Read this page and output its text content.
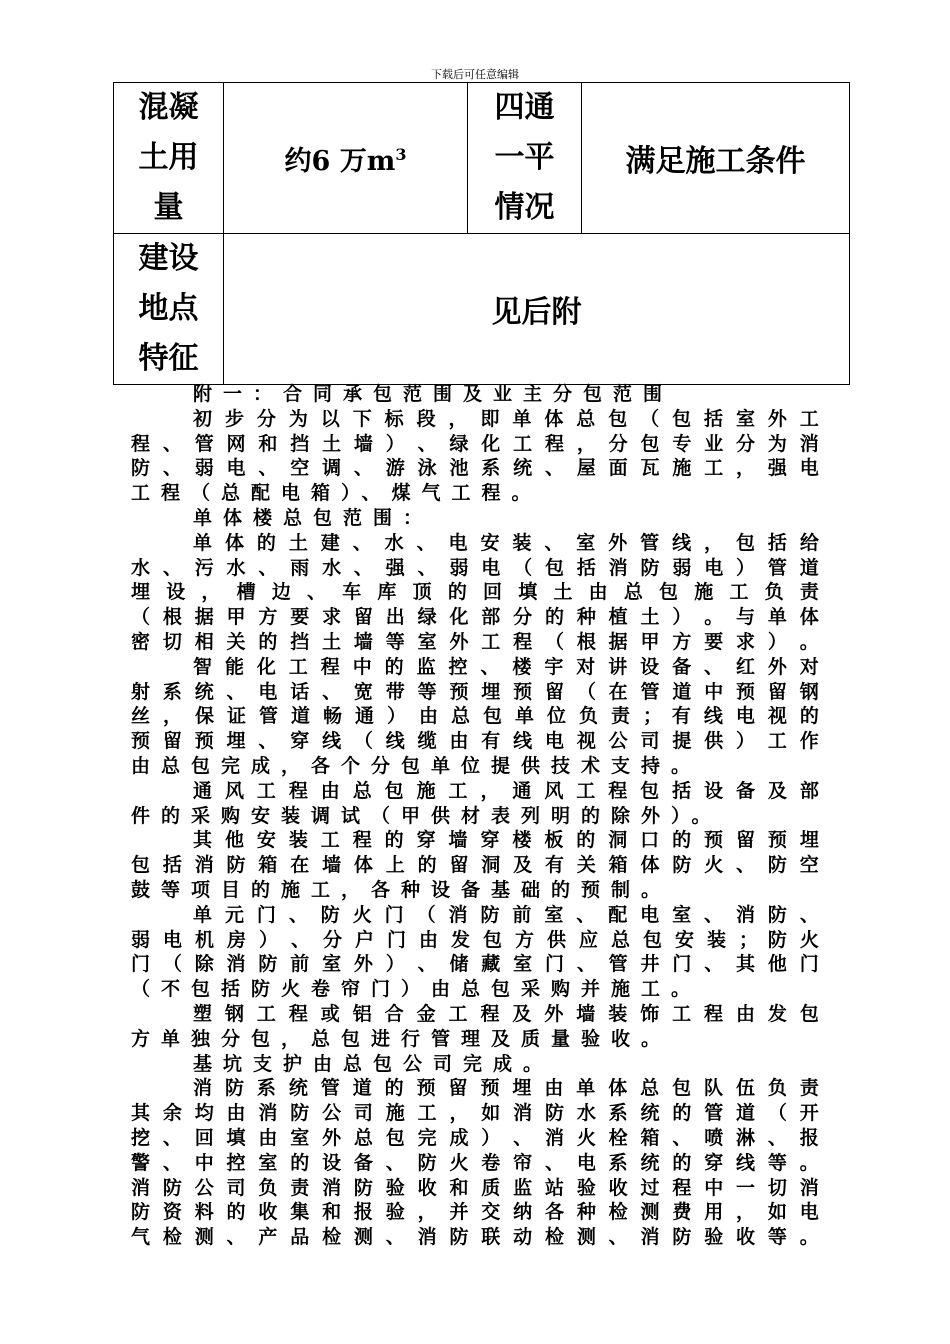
下载后可任意编辑
混凝
土用
量	约6 万$m^3$	四通
一平
情况	满足施工条件

建设
地点
特征	见后附		

附一：合同承包范围及业主分包范围

初 步 分 为 以 下 标 段 ， 即 单 体 总 包 （ 包 括 室 外 工

程 、 管 网 和 挡 土 墙 ） 、 绿 化 工 程 ， 分 包 专 业 分 为 消

防 、 弱 电 、 空 调 、 游 泳 池 系 统 、 屋 面 瓦 施 工 ， 强 电

工程（总配电箱）、煤气工程。

单体楼总包范围：

单 体 的 土 建 、 水 、 电 安 装 、 室 外 管 线 ， 包 括 给

水 、 污 水 、 雨 水 、 强 、 弱 电 （ 包 括 消 防 弱 电 ） 管 道

埋 设 ， 槽 边 、 车 库 顶 的 回 填 土 由 总 包 施 工 负 责

（ 根 据 甲 方 要 求 留 出 绿 化 部 分 的 种 植 土 ） 。 与 单 体

密 切 相 关 的 挡 土 墙 等 室 外 工 程 （ 根 据 甲 方 要 求 ） 。

智 能 化 工 程 中 的 监 控 、 楼 宇 对 讲 设 备 、 红 外 对

射 系 统 、 电 话 、 宽 带 等 预 埋 预 留 （ 在 管 道 中 预 留 钢

丝 ， 保 证 管 道 畅 通 ） 由 总 包 单 位 负 责 ； 有 线 电 视 的

预 留 预 埋 、 穿 线 （ 线 缆 由 有 线 电 视 公 司 提 供 ） 工 作

由总包完成，各个分包单位提供技术支持。

通 风 工 程 由 总 包 施 工 ， 通 风 工 程 包 括 设 备 及 部

件的采购安装调试（甲供材表列明的除外）。

其 他 安 装 工 程 的 穿 墙 穿 楼 板 的 洞 口 的 预 留 预 埋

包 括 消 防 箱 在 墙 体 上 的 留 洞 及 有 关 箱 体 防 火 、 防 空

鼓等项目的施工，各种设备基础的预制。

单 元 门 、 防 火 门 （ 消 防 前 室 、 配 电 室 、 消 防 、

弱 电 机 房 ） 、 分 户 门 由 发 包 方 供 应 总 包 安 装 ； 防 火

门 （ 除 消 防 前 室 外 ） 、 储 藏 室 门 、 管 井 门 、 其 他 门

（不包括防火卷帘门）由总包采购并施工。

塑 钢 工 程 或 铝 合 金 工 程 及 外 墙 装 饰 工 程 由 发 包

方单独分包，总包进行管理及质量验收。

基坑支护由总包公司完成。

消 防 系 统 管 道 的 预 留 预 埋 由 单 体 总 包 队 伍 负 责

其 余 均 由 消 防 公 司 施 工 ， 如 消 防 水 系 统 的 管 道 （ 开

挖 、 回 填 由 室 外 总 包 完 成 ） 、 消 火 栓 箱 、 喷 淋 、 报

警 、 中 控 室 的 设 备 、 防 火 卷 帘 、 电 系 统 的 穿 线 等 。

消 防 公 司 负 责 消 防 验 收 和 质 监 站 验 收 过 程 中 一 切 消

防 资 料 的 收 集 和 报 验 ， 并 交 纳 各 种 检 测 费 用 ， 如 电

气 检 测 、 产 品 检 测 、 消 防 联 动 检 测 、 消 防 验 收 等 。
